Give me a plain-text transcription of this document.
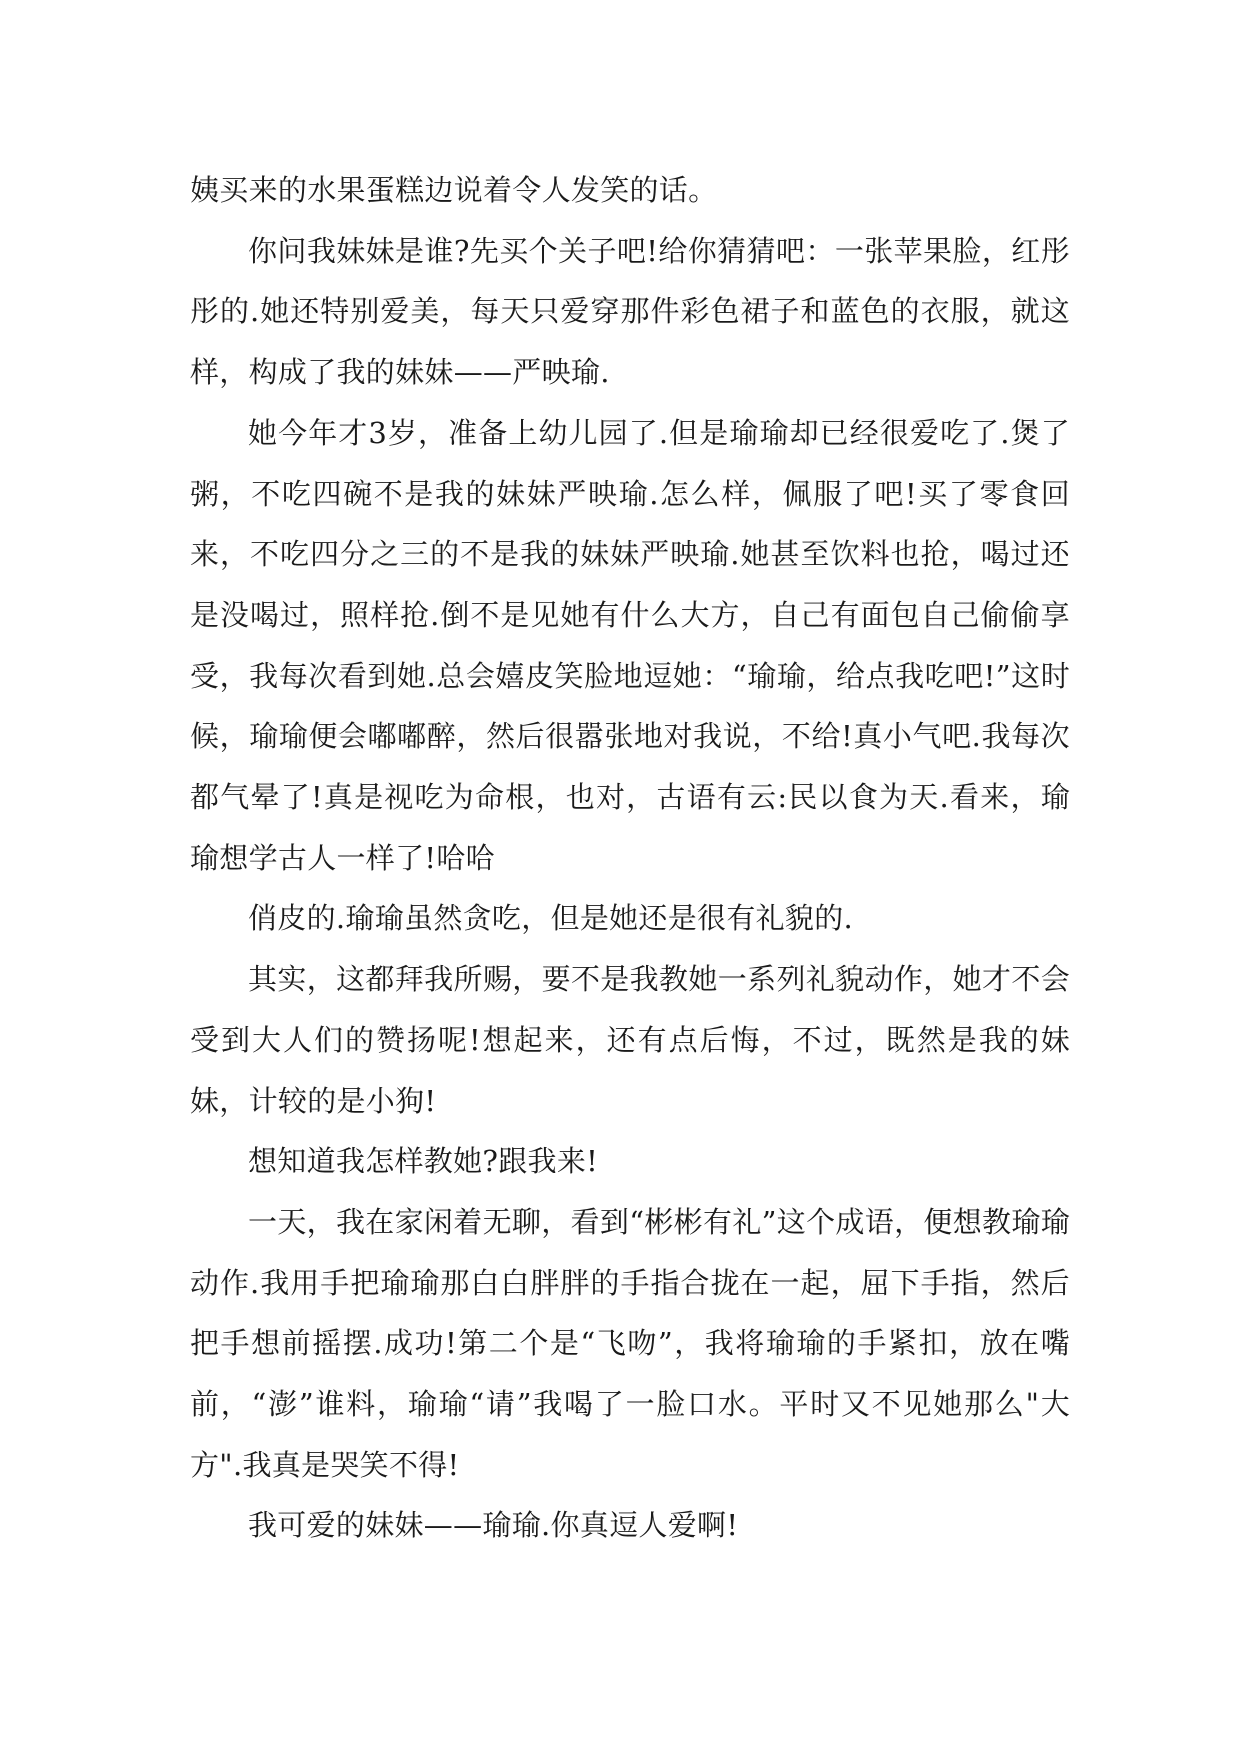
姨买来的水果蛋糕边说着令人发笑的话。

你问我妹妹是谁?先买个关子吧!给你猜猜吧：一张苹果脸，红彤彤的.她还特别爱美，每天只爱穿那件彩色裙子和蓝色的衣服，就这样，构成了我的妹妹——严映瑜.

她今年才3岁，准备上幼儿园了.但是瑜瑜却已经很爱吃了.煲了粥，不吃四碗不是我的妹妹严映瑜.怎么样，佩服了吧!买了零食回来，不吃四分之三的不是我的妹妹严映瑜.她甚至饮料也抢，喝过还是没喝过，照样抢.倒不是见她有什么大方，自己有面包自己偷偷享受，我每次看到她.总会嬉皮笑脸地逗她：“瑜瑜，给点我吃吧!”这时候，瑜瑜便会嘟嘟醉，然后很嚣张地对我说，不给!真小气吧.我每次都气晕了!真是视吃为命根，也对，古语有云:民以食为天.看来，瑜瑜想学古人一样了!哈哈

俏皮的.瑜瑜虽然贪吃，但是她还是很有礼貌的.

其实，这都拜我所赐，要不是我教她一系列礼貌动作，她才不会受到大人们的赞扬呢!想起来，还有点后悔，不过，既然是我的妹妹，计较的是小狗!

想知道我怎样教她?跟我来!

一天，我在家闲着无聊，看到“彬彬有礼”这个成语，便想教瑜瑜动作.我用手把瑜瑜那白白胖胖的手指合拢在一起，屈下手指，然后把手想前摇摆.成功!第二个是“飞吻”，我将瑜瑜的手紧扣，放在嘴前，“澎”谁料，瑜瑜“请”我喝了一脸口水。平时又不见她那么"大方".我真是哭笑不得!

我可爱的妹妹——瑜瑜.你真逗人爱啊!
